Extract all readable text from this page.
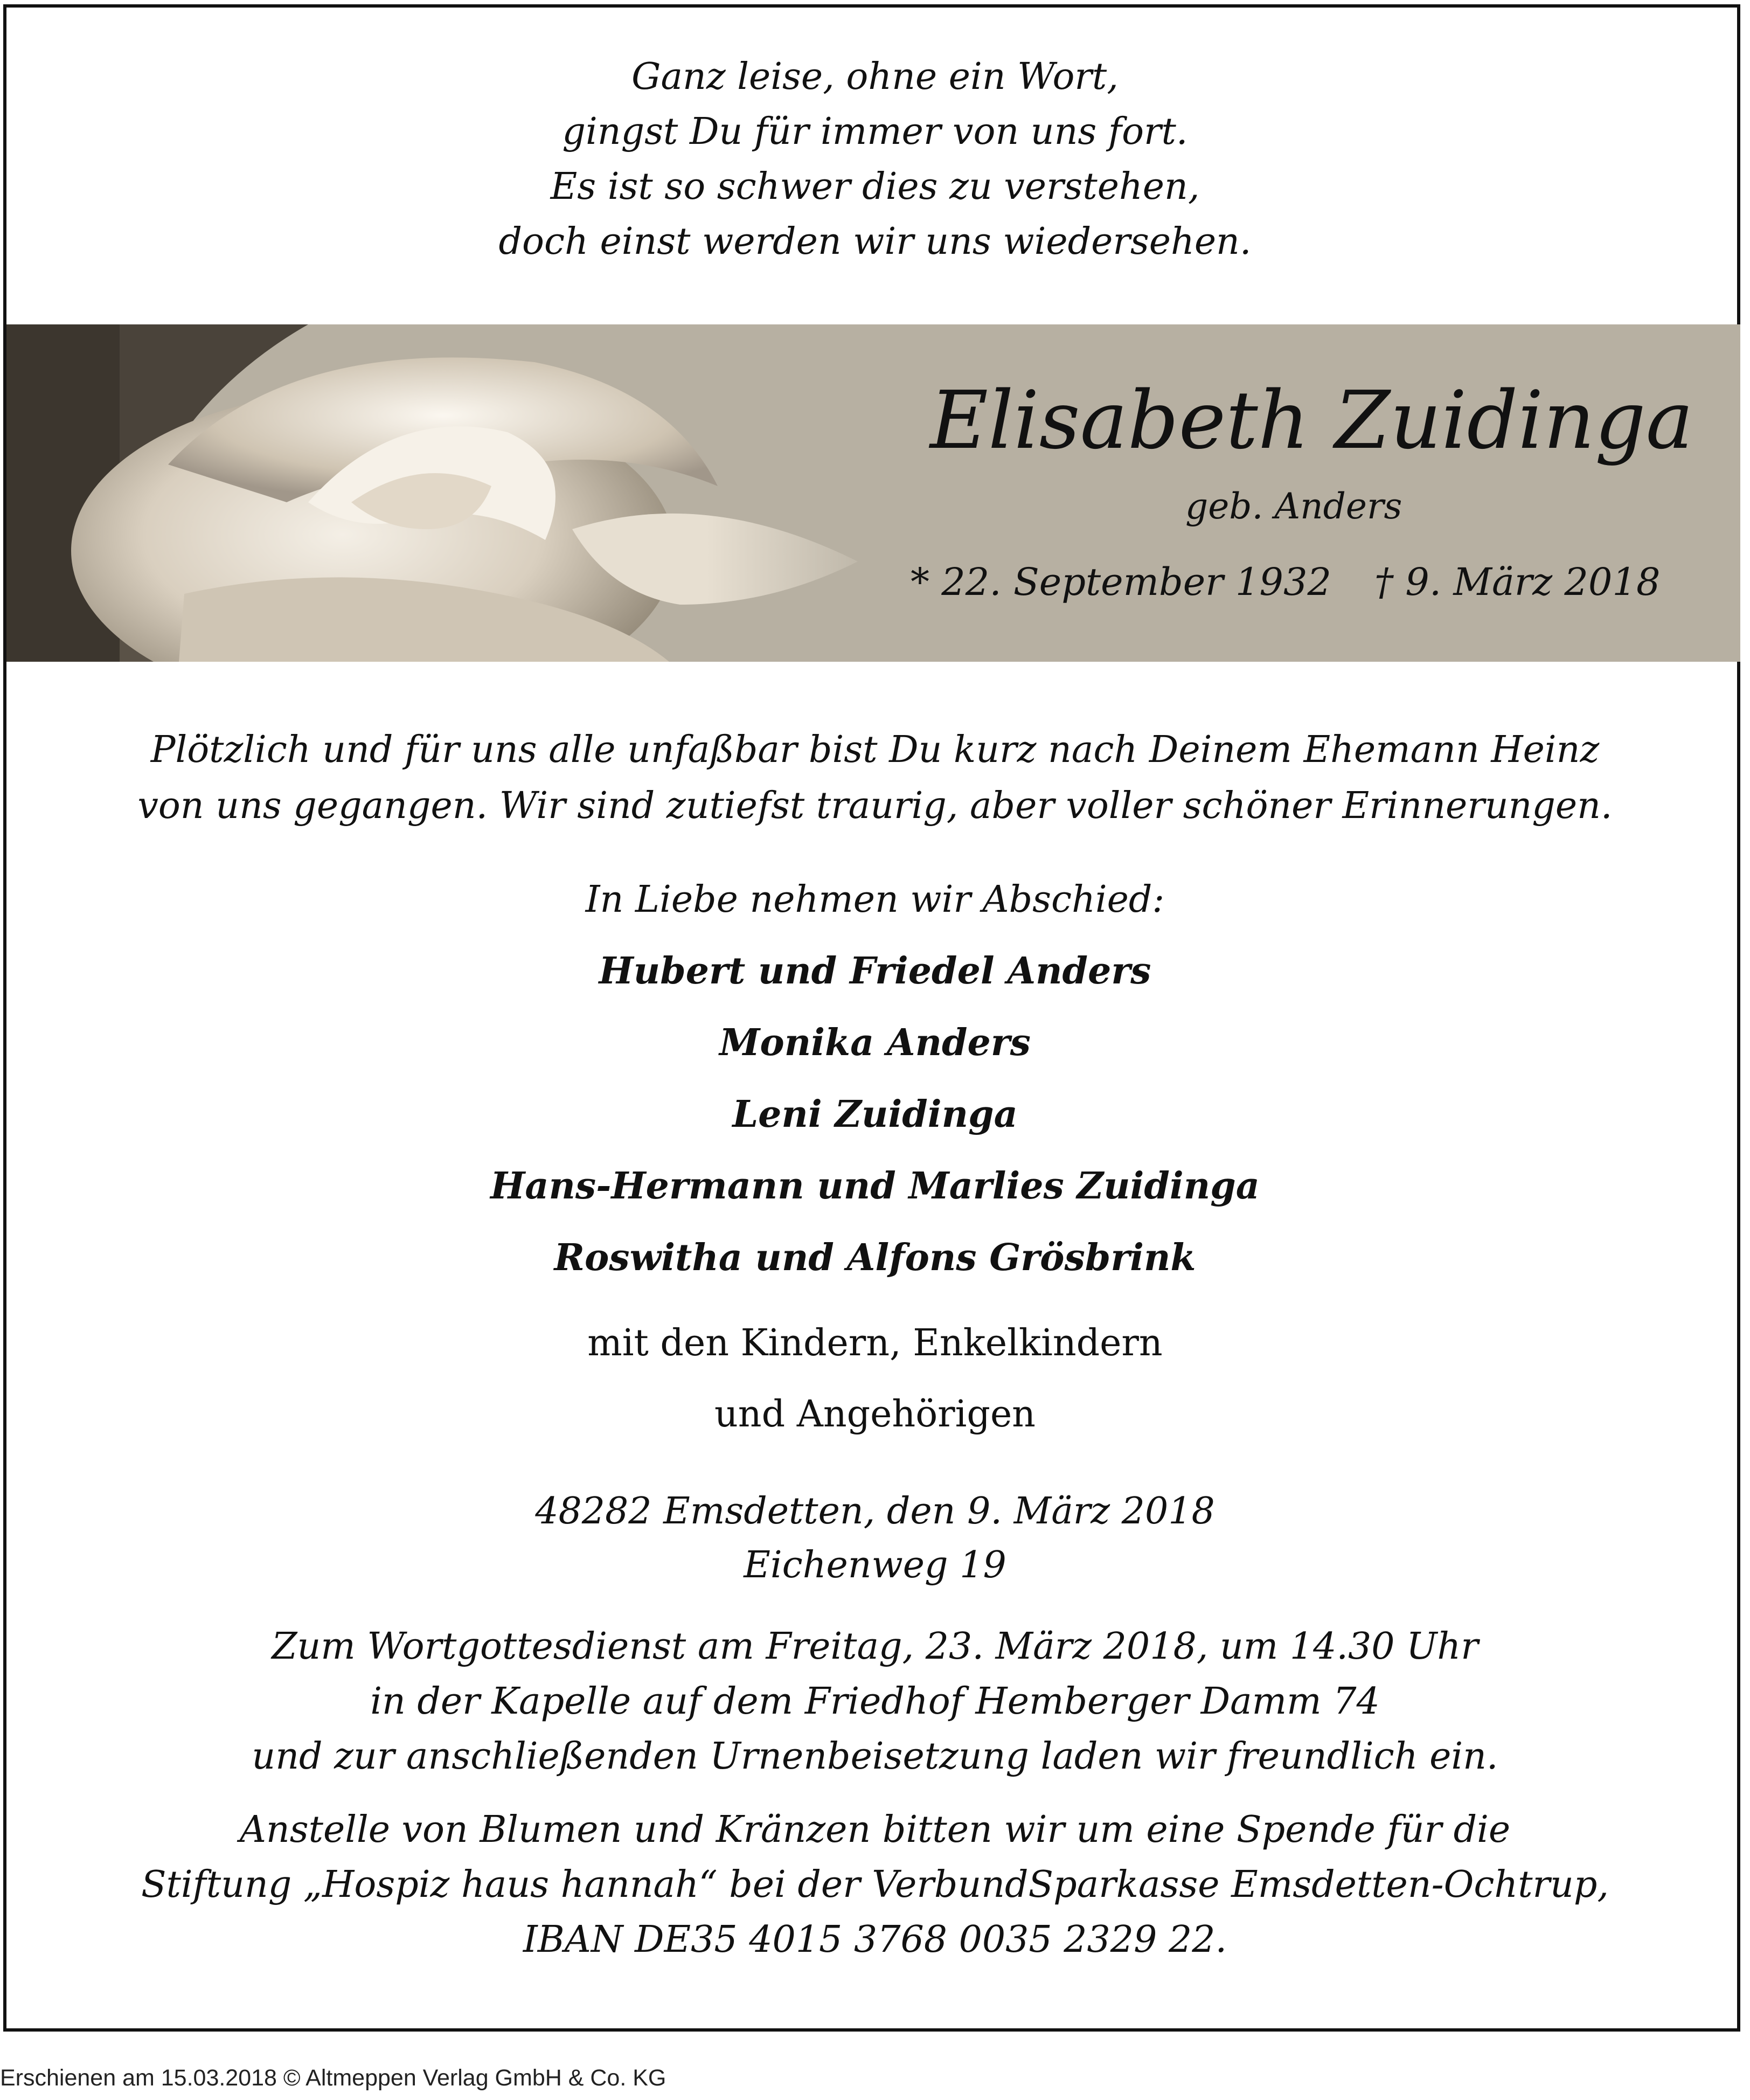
Ganz leise, ohne ein Wort,
gingst Du für immer von uns fort.
Es ist so schwer dies zu verstehen,
doch einst werden wir uns wiedersehen.
Elisabeth Zuidinga
geb. Anders
* 22. September 1932 † 9. März 2018
Plötzlich und für uns alle unfaßbar bist Du kurz nach Deinem Ehemann Heinz
von uns gegangen. Wir sind zutiefst traurig, aber voller schöner Erinnerungen.
In Liebe nehmen wir Abschied:
Hubert und Friedel Anders
Monika Anders
Leni Zuidinga
Hans-Hermann und Marlies Zuidinga
Roswitha und Alfons Grösbrink
mit den Kindern, Enkelkindern
und Angehörigen
48282 Emsdetten, den 9. März 2018
Eichenweg 19
Zum Wortgottesdienst am Freitag, 23. März 2018, um 14.30 Uhr
in der Kapelle auf dem Friedhof Hemberger Damm 74
und zur anschließenden Urnenbeisetzung laden wir freundlich ein.
Anstelle von Blumen und Kränzen bitten wir um eine Spende für die
Stiftung „Hospiz haus hannah“ bei der VerbundSparkasse Emsdetten-Ochtrup,
IBAN DE35 4015 3768 0035 2329 22.
Erschienen am 15.03.2018 © Altmeppen Verlag GmbH & Co. KG
